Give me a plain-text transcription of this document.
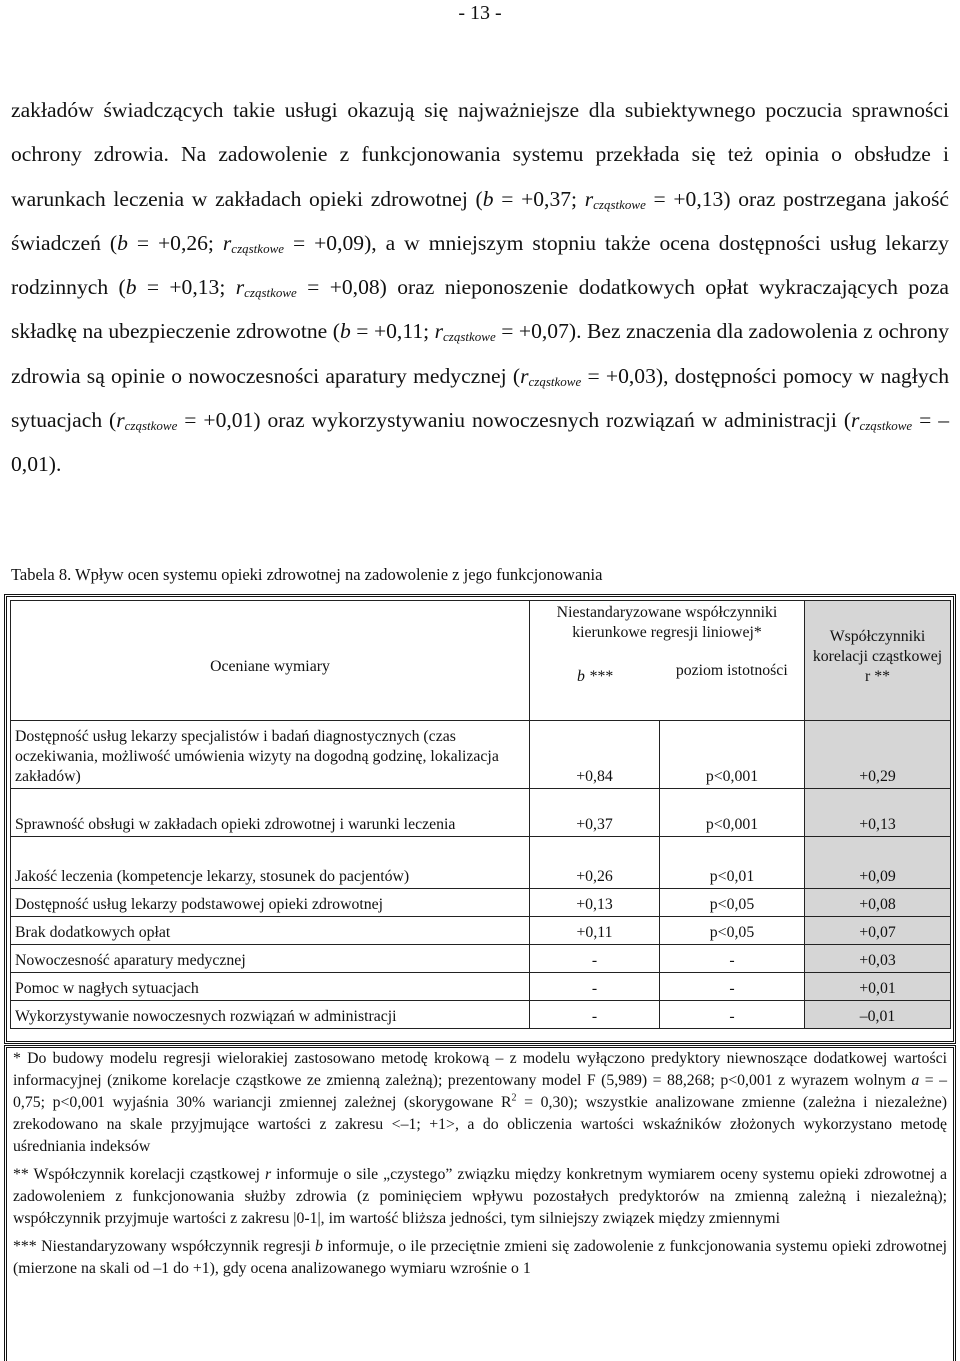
- 13 -

zakładów świadczących takie usługi okazują się najważniejsze dla subiektywnego poczucia sprawności ochrony zdrowia. Na zadowolenie z funkcjonowania systemu przekłada się też opinia o obsłudze i warunkach leczenia w zakładach opieki zdrowotnej (b = +0,37; $r_{cząstkowe} = +0,13$) oraz postrzegana jakość świadczeń (b = +0,26; $r_{cząstkowe} = +0,09$), a w mniejszym stopniu także ocena dostępności usług lekarzy rodzinnych (b = +0,13; $r_{cząstkowe} = +0,08$) oraz nieponoszenie dodatkowych opłat wykraczających poza składkę na ubezpieczenie zdrowotne (b = +0,11; $r_{cząstkowe} = +0,07$). Bez znaczenia dla zadowolenia z ochrony zdrowia są opinie o nowoczesności aparatury medycznej $(r_{cząstkowe} = +0,03)$, dostępności pomocy w nagłych sytuacjach $(r_{cząstkowe} = +0,01)$ oraz wykorzystywaniu nowoczesnych rozwiązań w administracji $(r_{cząstkowe} = -0,01)$.

Tabela 8. Wpływ ocen systemu opieki zdrowotnej na zadowolenie z jego funkcjonowania
Oceniane wymiary	Niestandaryzowane współczynniki kierunkowe regresji liniowej*		Współczynniki korelacji cząstkowej r **
	b ***	poziom istotności	
Dostępność usług lekarzy specjalistów i badań diagnostycznych (czas oczekiwania, możliwość umówienia wizyty na dogodną godzinę, lokalizacja zakładów)	+0,84	p<0,001	+0,29
Sprawność obsługi w zakładach opieki zdrowotnej i warunki leczenia	+0,37	p<0,001	+0,13
Jakość leczenia (kompetencje lekarzy, stosunek do pacjentów)	+0,26	p<0,01	+0,09
Dostępność usług lekarzy podstawowej opieki zdrowotnej	+0,13	p<0,05	+0,08
Brak dodatkowych opłat	+0,11	p<0,05	+0,07
Nowoczesność aparatury medycznej	-	-	+0,03
Pomoc w nagłych sytuacjach	-	-	+0,01
Wykorzystywanie nowoczesnych rozwiązań w administracji	-	-	–0,01

* Do budowy modelu regresji wielorakiej zastosowano metodę krokową – z modelu wyłączono predyktory niewnoszące dodatkowej wartości informacyjnej (znikome korelacje cząstkowe ze zmienną zależną); prezentowany model F (5,989) = 88,268; p<0,001 z wyrazem wolnym a = –0,75; p<0,001 wyjaśnia 30% wariancji zmiennej zależnej (skorygowane $R^2 = 0,30$); wszystkie analizowane zmienne (zależna i niezależne) zrekodowano na skale przyjmujące wartości z zakresu <–1; +1>, a do obliczenia wartości wskaźników złożonych wykorzystano metodę uśredniania indeksów

** Współczynnik korelacji cząstkowej r informuje o sile „czystego” związku między konkretnym wymiarem oceny systemu opieki zdrowotnej a zadowoleniem z funkcjonowania służby zdrowia (z pominięciem wpływu pozostałych predyktorów na zmienną zależną i niezależną); współczynnik przyjmuje wartości z zakresu |0-1|, im wartość bliższa jedności, tym silniejszy związek między zmiennymi

*** Niestandaryzowany współczynnik regresji b informuje, o ile przeciętnie zmieni się zadowolenie z funkcjonowania systemu opieki zdrowotnej (mierzone na skali od –1 do +1), gdy ocena analizowanego wymiaru wzrośnie o 1
